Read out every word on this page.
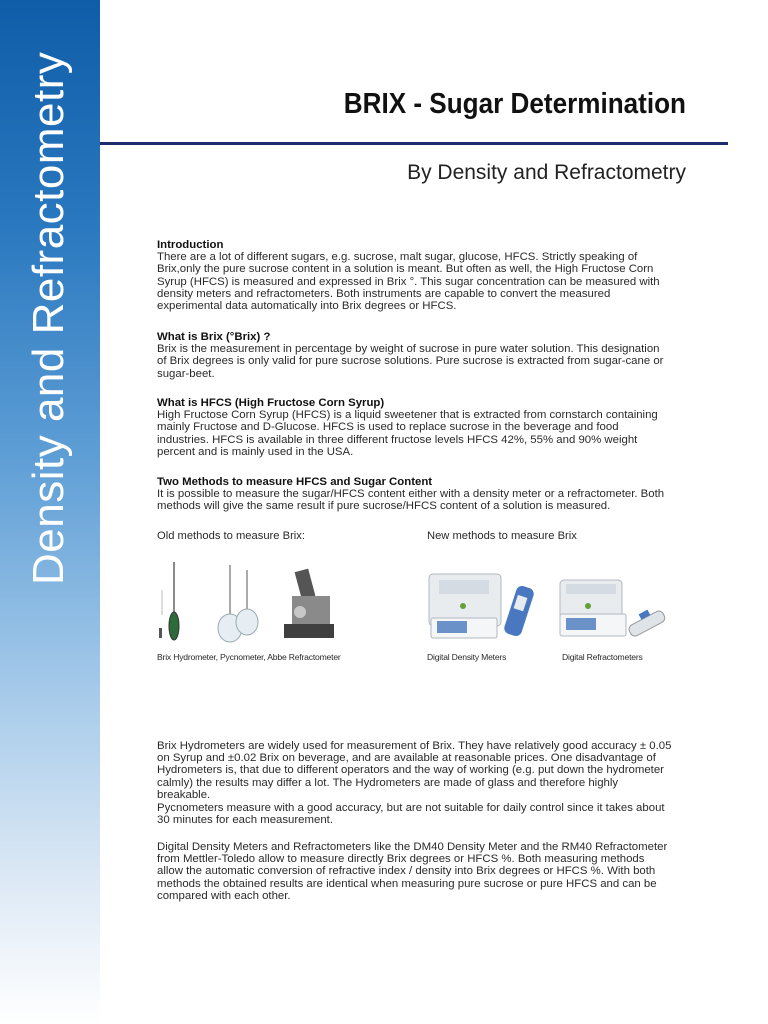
Density and Refractometry	BRIX - Sugar Determination
By Density and Refractometry
Introduction
There are a lot of different sugars, e.g. sucrose, malt sugar, glucose, HFCS. Strictly speaking of Brix,only the pure sucrose content in a solution is meant. But often as well, the High Fructose Corn Syrup (HFCS) is measured and expressed in Brix °. This sugar concentration can be measured with density meters and refractometers. Both instruments are capable to convert the measured experimental data automatically into Brix degrees or HFCS.
What is Brix (°Brix) ?
Brix is the measurement in percentage by weight of sucrose in pure water solution. This designation of Brix degrees is only valid for pure sucrose solutions. Pure sucrose is extracted from sugar-cane or sugar-beet.
What is HFCS (High Fructose Corn Syrup)
High Fructose Corn Syrup (HFCS) is a liquid sweetener that is extracted from cornstarch containing mainly Fructose and D-Glucose. HFCS is used to replace sucrose in the beverage and food industries. HFCS is available in three different fructose levels HFCS 42%, 55% and 90% weight percent and is mainly used in the USA.
Two Methods to measure HFCS and Sugar Content
It is possible to measure the sugar/HFCS content either with a density meter or a refractometer. Both methods will give the same result if pure sucrose/HFCS content of a solution is measured.
Old methods to measure Brix:	New methods to measure Brix
Brix Hydrometer, Pycnometer, Abbe Refractometer	Digital Density Meters	Digital Refractometers
Brix Hydrometers are widely used for measurement of Brix. They have relatively good accuracy ± 0.05 on Syrup and ±0.02 Brix on beverage, and are available at reasonable prices. One disadvantage of Hydrometers is, that due to different operators and the way of working (e.g. put down the hydrometer calmly) the results may differ a lot. The Hydrometers are made of glass and therefore highly breakable.
Pycnometers measure with a good accuracy, but are not suitable for daily control since it takes about 30 minutes for each measurement.
Digital Density Meters and Refractometers like the DM40 Density Meter and the RM40 Refractometer from Mettler-Toledo allow to measure directly Brix degrees or HFCS %. Both measuring methods allow the automatic conversion of refractive index / density into Brix degrees or HFCS %. With both methods the obtained results are identical when measuring pure sucrose or pure HFCS and can be compared with each other.
